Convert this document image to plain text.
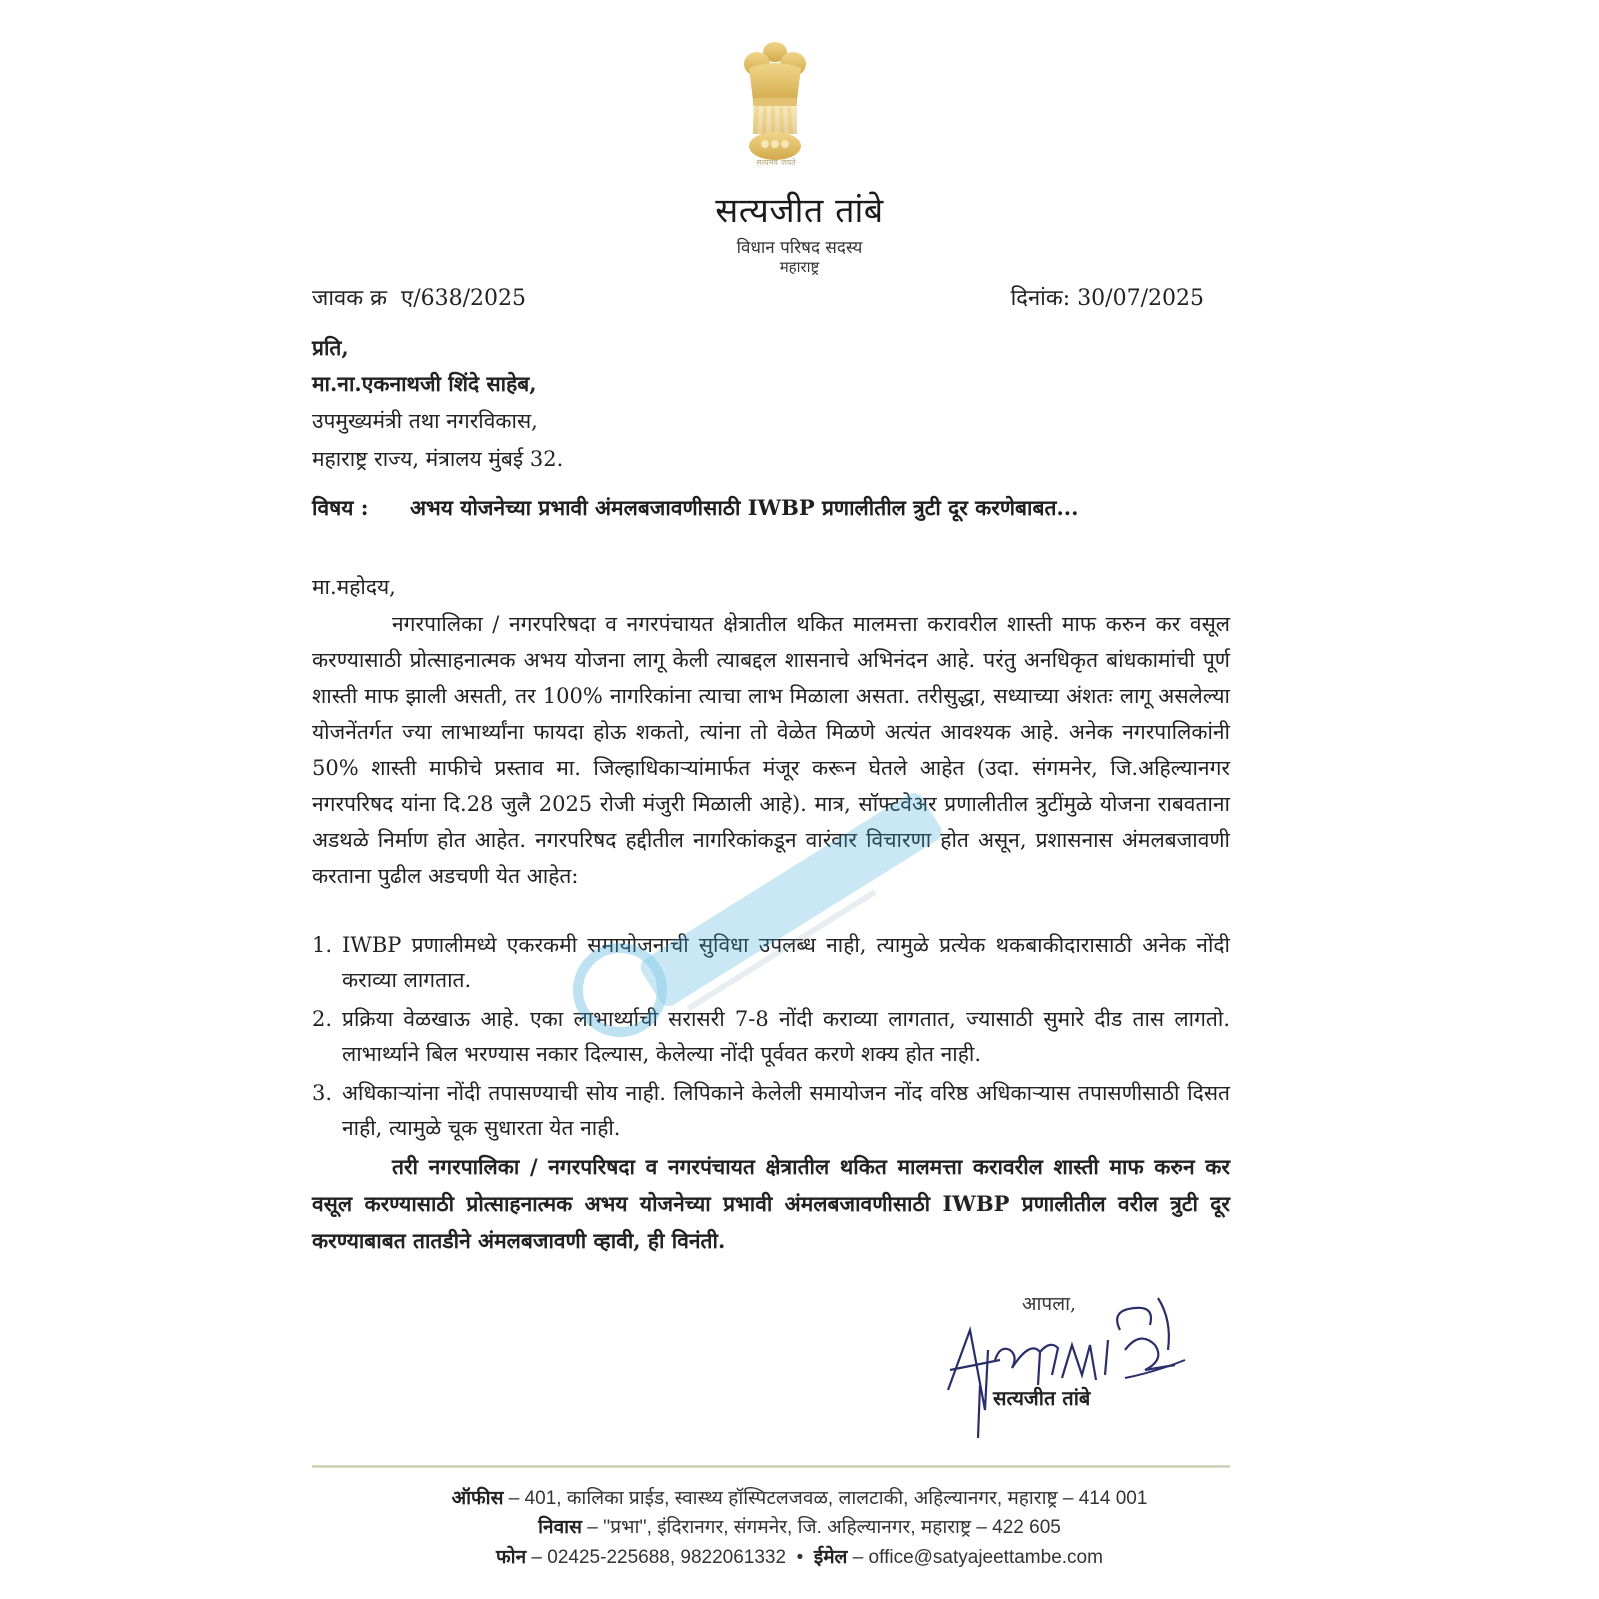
सत्यमेव जयते
सत्यजीत तांबे
विधान परिषद सदस्य
महाराष्ट्र
जावक क्र ए/638/2025	दिनांक: 30/07/2025
प्रति,
मा.ना.एकनाथजी शिंदे साहेब,
उपमुख्यमंत्री तथा नगरविकास,
महाराष्ट्र राज्य, मंत्रालय मुंबई 32.
विषय :	अभय योजनेच्या प्रभावी अंमलबजावणीसाठी IWBP प्रणालीतील त्रुटी दूर करणेबाबत...
मा.महोदय,
नगरपालिका / नगरपरिषदा व नगरपंचायत क्षेत्रातील थकित मालमत्ता करावरील शास्ती माफ करुन कर वसूल करण्यासाठी प्रोत्साहनात्मक अभय योजना लागू केली त्याबद्दल शासनाचे अभिनंदन आहे. परंतु अनधिकृत बांधकामांची पूर्ण शास्ती माफ झाली असती, तर 100% नागरिकांना त्याचा लाभ मिळाला असता. तरीसुद्धा, सध्याच्या अंशतः लागू असलेल्या योजनेंतर्गत ज्या लाभार्थ्यांना फायदा होऊ शकतो, त्यांना तो वेळेत मिळणे अत्यंत आवश्यक आहे. अनेक नगरपालिकांनी 50% शास्ती माफीचे प्रस्ताव मा. जिल्हाधिकाऱ्यांमार्फत मंजूर करून घेतले आहेत (उदा. संगमनेर, जि.अहिल्यानगर नगरपरिषद यांना दि.28 जुलै 2025 रोजी मंजुरी मिळाली आहे). मात्र, सॉफ्टवेअर प्रणालीतील त्रुटींमुळे योजना राबवताना अडथळे निर्माण होत आहेत. नगरपरिषद हद्दीतील नागरिकांकडून वारंवार विचारणा होत असून, प्रशासनास अंमलबजावणी करताना पुढील अडचणी येत आहेत:
1. IWBP प्रणालीमध्ये एकरकमी समायोजनाची सुविधा उपलब्ध नाही, त्यामुळे प्रत्येक थकबाकीदारासाठी अनेक नोंदी कराव्या लागतात.
2. प्रक्रिया वेळखाऊ आहे. एका लाभार्थ्याची सरासरी 7-8 नोंदी कराव्या लागतात, ज्यासाठी सुमारे दीड तास लागतो. लाभार्थ्याने बिल भरण्यास नकार दिल्यास, केलेल्या नोंदी पूर्ववत करणे शक्य होत नाही.
3. अधिकाऱ्यांना नोंदी तपासण्याची सोय नाही. लिपिकाने केलेली समायोजन नोंद वरिष्ठ अधिकाऱ्यास तपासणीसाठी दिसत नाही, त्यामुळे चूक सुधारता येत नाही.
तरी नगरपालिका / नगरपरिषदा व नगरपंचायत क्षेत्रातील थकित मालमत्ता करावरील शास्ती माफ करुन कर वसूल करण्यासाठी प्रोत्साहनात्मक अभय योजनेच्या प्रभावी अंमलबजावणीसाठी IWBP प्रणालीतील वरील त्रुटी दूर करण्याबाबत तातडीने अंमलबजावणी व्हावी, ही विनंती.
आपला,
सत्यजीत तांबे
ऑफीस – 401, कालिका प्राईड, स्वास्थ्य हॉस्पिटलजवळ, लालटाकी, अहिल्यानगर, महाराष्ट्र – 414 001
निवास – ''प्रभा'', इंदिरानगर, संगमनेर, जि. अहिल्यानगर, महाराष्ट्र – 422 605
फोन – 02425-225688, 9822061332  •  ईमेल – office@satyajeettambe.com
